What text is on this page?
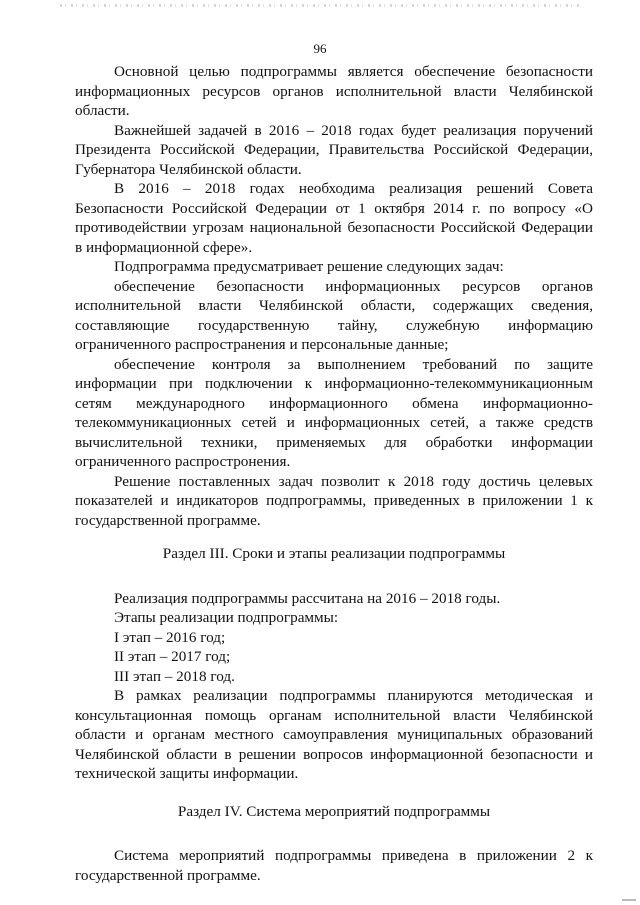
96

Основной целью подпрограммы является обеспечение безопасности информационных ресурсов органов исполнительной власти Челябинской области.

Важнейшей задачей в 2016 – 2018 годах будет реализация поручений Президента Российской Федерации, Правительства Российской Федерации, Губернатора Челябинской области.

В 2016 – 2018 годах необходима реализация решений Совета Безопасности Российской Федерации от 1 октября 2014 г. по вопросу «О противодействии угрозам национальной безопасности Российской Федерации в информационной сфере».

Подпрограмма предусматривает решение следующих задач:

обеспечение безопасности информационных ресурсов органов исполнительной власти Челябинской области, содержащих сведения, составляющие государственную тайну, служебную информацию ограниченного распространения и персональные данные;

обеспечение контроля за выполнением требований по защите информации при подключении к информационно-телекоммуникационным сетям международного информационного обмена информационно-телекоммуникационных сетей и информационных сетей, а также средств вычислительной техники, применяемых для обработки информации ограниченного распростронения.

Решение поставленных задач позволит к 2018 году достичь целевых показателей и индикаторов подпрограммы, приведенных в приложении 1 к государственной программе.

Раздел III. Сроки и этапы реализации подпрограммы

Реализация подпрограммы рассчитана на 2016 – 2018 годы.

Этапы реализации подпрограммы:

I этап – 2016 год;

II этап – 2017 год;

III этап – 2018 год.

В рамках реализации подпрограммы планируются методическая и консультационная помощь органам исполнительной власти Челябинской области и органам местного самоуправления муниципальных образований Челябинской области в решении вопросов информационной безопасности и технической защиты информации.

Раздел IV. Система мероприятий подпрограммы

Система мероприятий подпрограммы приведена в приложении 2 к государственной программе.
